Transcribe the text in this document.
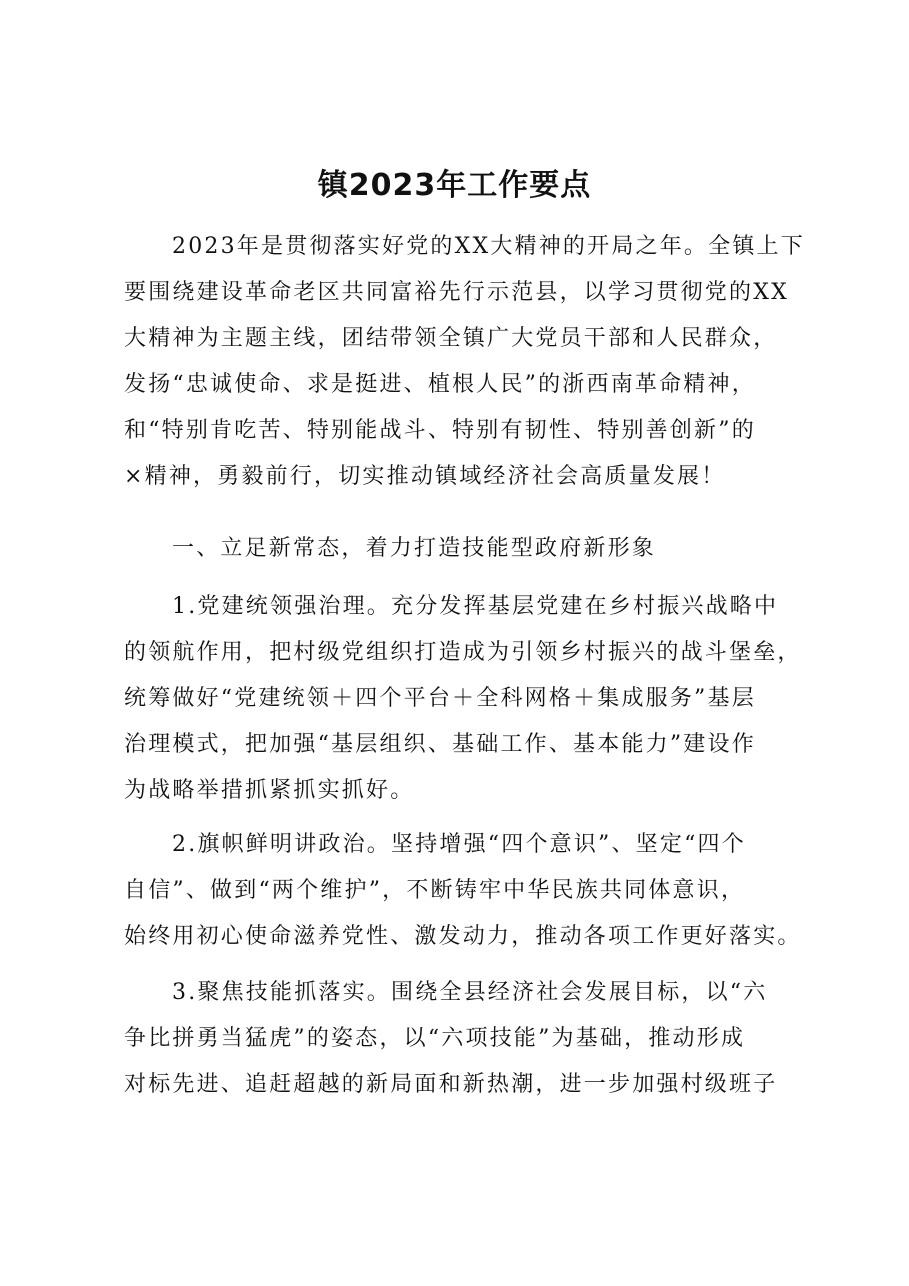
镇2023年工作要点
2023年是贯彻落实好党的XX大精神的开局之年。全镇上下
要围绕建设革命老区共同富裕先行示范县，以学习贯彻党的XX
大精神为主题主线，团结带领全镇广大党员干部和人民群众，
发扬“忠诚使命、求是挺进、植根人民”的浙西南革命精神，
和“特别肯吃苦、特别能战斗、特别有韧性、特别善创新”的
×精神，勇毅前行，切实推动镇域经济社会高质量发展！
一、立足新常态，着力打造技能型政府新形象
1.党建统领强治理。充分发挥基层党建在乡村振兴战略中
的领航作用，把村级党组织打造成为引领乡村振兴的战斗堡垒，
统筹做好“党建统领＋四个平台＋全科网格＋集成服务”基层
治理模式，把加强“基层组织、基础工作、基本能力”建设作
为战略举措抓紧抓实抓好。
2.旗帜鲜明讲政治。坚持增强“四个意识”、坚定“四个
自信”、做到“两个维护”，不断铸牢中华民族共同体意识，
始终用初心使命滋养党性、激发动力，推动各项工作更好落实。
3.聚焦技能抓落实。围绕全县经济社会发展目标，以“六
争比拼勇当猛虎”的姿态，以“六项技能”为基础，推动形成
对标先进、追赶超越的新局面和新热潮，进一步加强村级班子
